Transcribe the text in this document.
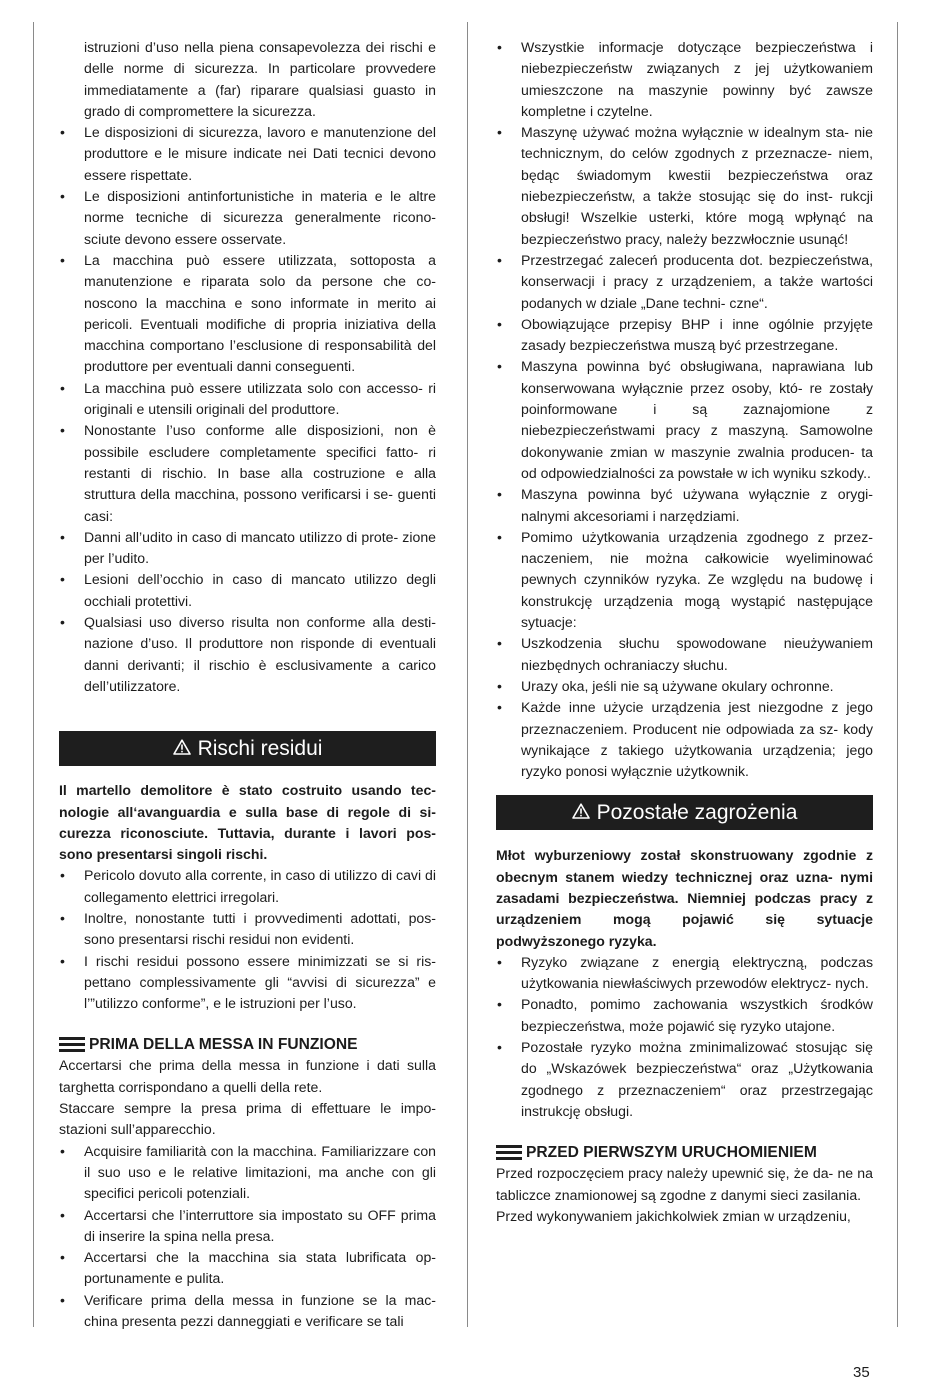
istruzioni d’uso nella piena consapevolezza dei rischi e delle norme di sicurezza. In particolare provvedere immediatamente a (far) riparare qualsiasi guasto in grado di compromettere la sicurezza.

• Le disposizioni di sicurezza, lavoro e manutenzione del produttore e le misure indicate nei Dati tecnici devono essere rispettate.

• Le disposizioni antinfortunistiche in materia e le altre norme tecniche di sicurezza generalmente ricono- sciute devono essere osservate.

• La macchina può essere utilizzata, sottoposta a manutenzione e riparata solo da persone che co- noscono la macchina e sono informate in merito ai pericoli. Eventuali modifiche di propria iniziativa della macchina comportano l’esclusione di responsabilità del produttore per eventuali danni conseguenti.

• La macchina può essere utilizzata solo con accesso- ri originali e utensili originali del produttore.

• Nonostante l’uso conforme alle disposizioni, non è possibile escludere completamente specifici fatto- ri restanti di rischio. In base alla costruzione e alla struttura della macchina, possono verificarsi i se- guenti casi:

• Danni all’udito in caso di mancato utilizzo di prote- zione per l’udito.

• Lesioni dell’occhio in caso di mancato utilizzo degli occhiali protettivi.

• Qualsiasi uso diverso risulta non conforme alla desti- nazione d’uso. Il produttore non risponde di eventuali danni derivanti; il rischio è esclusivamente a carico dell’utilizzatore.

Rischi residui

Il martello demolitore è stato costruito usando tec- nologie all‘avanguardia e sulla base di regole di si- curezza riconosciute. Tuttavia, durante i lavori pos- sono presentarsi singoli rischi.

• Pericolo dovuto alla corrente, in caso di utilizzo di cavi di collegamento elettrici irregolari.

• Inoltre, nonostante tutti i provvedimenti adottati, pos- sono presentarsi rischi residui non evidenti.

• I rischi residui possono essere minimizzati se si ris- pettano complessivamente gli “avvisi di sicurezza” e l’”utilizzo conforme”, e le istruzioni per l’uso.

PRIMA DELLA MESSA IN FUNZIONE

Accertarsi che prima della messa in funzione i dati sulla targhetta corrispondano a quelli della rete.

Staccare sempre la presa prima di effettuare le impo- stazioni sull’apparecchio.

• Acquisire familiarità con la macchina. Familiarizzare con il suo uso e le relative limitazioni, ma anche con gli specifici pericoli potenziali.

• Accertarsi che l’interruttore sia impostato su OFF prima di inserire la spina nella presa.

• Accertarsi che la macchina sia stata lubrificata op- portunamente e pulita.

• Verificare prima della messa in funzione se la mac- china presenta pezzi danneggiati e verificare se tali

• Wszystkie informacje dotyczące bezpieczeństwa i niebezpieczeństw związanych z jej użytkowaniem umieszczone na maszynie powinny być zawsze kompletne i czytelne.

• Maszynę używać można wyłącznie w idealnym sta- nie technicznym, do celów zgodnych z przeznacze- niem, będąc świadomym kwestii bezpieczeństwa oraz niebezpieczeństw, a także stosując się do inst- rukcji obsługi! Wszelkie usterki, które mogą wpłynąć na bezpieczeństwo pracy, należy bezzwłocznie usunąć!

• Przestrzegać zaleceń producenta dot. bezpieczeństwa, konserwacji i pracy z urządzeniem, a także wartości podanych w dziale „Dane techni- czne“.

• Obowiązujące przepisy BHP i inne ogólnie przyjęte zasady bezpieczeństwa muszą być przestrzegane.

• Maszyna powinna być obsługiwana, naprawiana lub konserwowana wyłącznie przez osoby, któ- re zostały poinformowane i są zaznajomione z niebezpieczeństwami pracy z maszyną. Samowolne dokonywanie zmian w maszynie zwalnia producen- ta od odpowiedzialności za powstałe w ich wyniku szkody..

• Maszyna powinna być używana wyłącznie z orygi- nalnymi akcesoriami i narzędziami.

• Pomimo użytkowania urządzenia zgodnego z przez- naczeniem, nie można całkowicie wyeliminować pewnych czynników ryzyka. Ze względu na budowę i konstrukcję urządzenia mogą wystąpić następujące sytuacje:

• Uszkodzenia słuchu spowodowane nieużywaniem niezbędnych ochraniaczy słuchu.

• Urazy oka, jeśli nie są używane okulary ochronne.

• Każde inne użycie urządzenia jest niezgodne z jego przeznaczeniem. Producent nie odpowiada za sz- kody wynikające z takiego użytkowania urządzenia; jego ryzyko ponosi wyłącznie użytkownik.

Pozostałe zagrożenia

Młot wyburzeniowy został skonstruowany zgodnie z obecnym stanem wiedzy technicznej oraz uzna- nymi zasadami bezpieczeństwa. Niemniej podczas pracy z urządzeniem mogą pojawić się sytuacje podwyższonego ryzyka.

• Ryzyko związane z energią elektryczną, podczas użytkowania niewłaściwych przewodów elektrycz- nych.

• Ponadto, pomimo zachowania wszystkich środków bezpieczeństwa, może pojawić się ryzyko utajone.

• Pozostałe ryzyko można zminimalizować stosując się do „Wskazówek bezpieczeństwa“ oraz „Użytkowania zgodnego z przeznaczeniem“ oraz przestrzegając instrukcję obsługi.

PRZED PIERWSZYM URUCHOMIENIEM

Przed rozpoczęciem pracy należy upewnić się, że da- ne na tabliczce znamionowej są zgodne z danymi sieci zasilania.

Przed wykonywaniem jakichkolwiek zmian w urządzeniu,

35
